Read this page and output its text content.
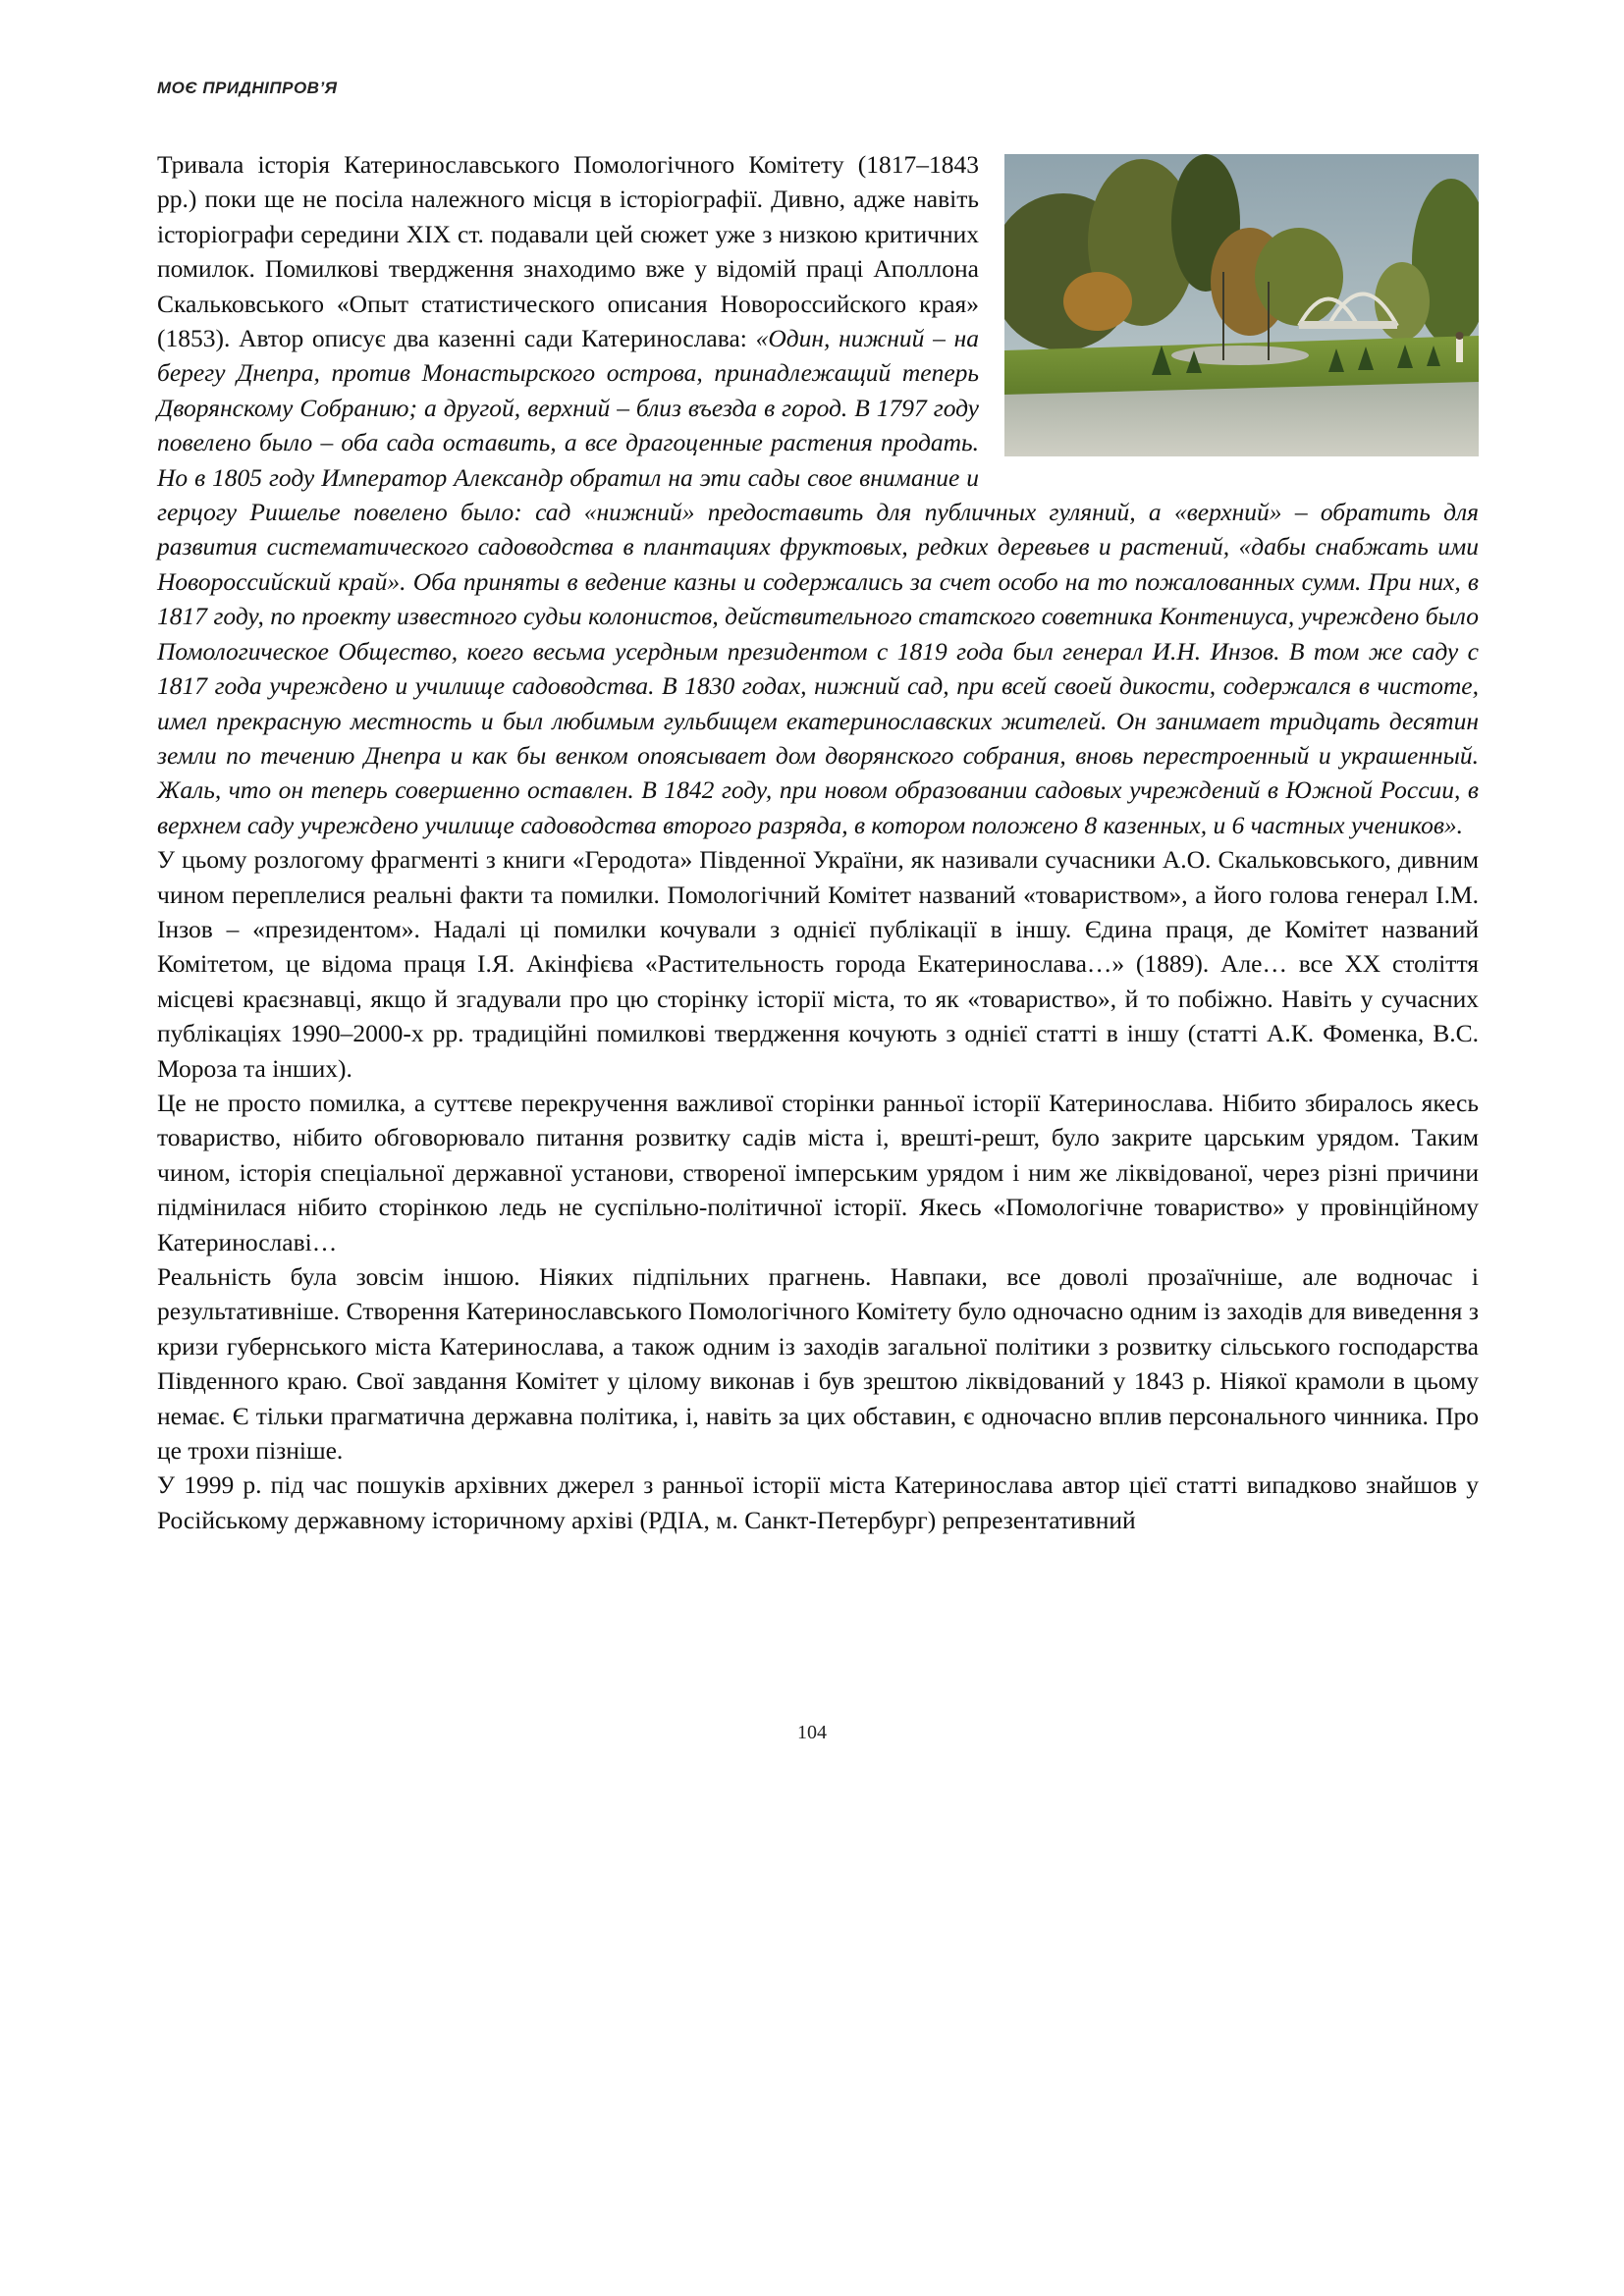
МОЄ ПРИДНІПРОВ’Я

Тривала історія Катеринославського Помологічного Комітету (1817–1843 рр.) поки ще не посіла належного місця в історіографії. Дивно, адже навіть історіографи середини ХІХ ст. подавали цей сюжет уже з низкою критичних помилок. Помилкові твердження знаходимо вже у відомій праці Аполлона Скальковського «Опыт статистического описания Новороссийского края» (1853). Автор описує два казенні сади Катеринослава: «Один, нижний – на берегу Днепра, против Монастырского острова, принадлежащий теперь Дворянскому Собранию; а другой, верхний – близ въезда в город. В 1797 году повелено было – оба сада оставить, а все драгоценные растения продать. Но в 1805 году Император Александр обратил на эти сады свое внимание и герцогу Ришелье повелено было: сад «нижний» предоставить для публичных гуляний, а «верхний» – обратить для развития систематического садоводства в плантациях фруктовых, редких деревьев и растений, «дабы снабжать ими Новороссийский край». Оба приняты в ведение казны и содержались за счет особо на то пожалованных сумм. При них, в 1817 году, по проекту известного судьи колонистов, действительного статского советника Контениуса, учреждено было Помологическое Общество, коего весьма усердным президентом с 1819 года был генерал И.Н. Инзов. В том же саду с 1817 года учреждено и училище садоводства. В 1830 годах, нижний сад, при всей своей дикости, содержался в чистоте, имел прекрасную местность и был любимым гульбищем екатеринославских жителей. Он занимает тридцать десятин земли по течению Днепра и как бы венком опоясывает дом дворянского собрания, вновь перестроенный и украшенный. Жаль, что он теперь совершенно оставлен. В 1842 году, при новом образовании садовых учреждений в Южной России, в верхнем саду учреждено училище садоводства второго разряда, в котором положено 8 казенных, и 6 частных учеников».

У цьому розлогому фрагменті з книги «Геродота» Південної України, як називали сучасники А.О. Скальковського, дивним чином переплелися реальні факти та помилки. Помологічний Комітет названий «товариством», а його голова генерал І.М. Інзов – «президентом». Надалі ці помилки кочували з однієї публікації в іншу. Єдина праця, де Комітет названий Комітетом, це відома праця І.Я. Акінфієва «Растительность города Екатеринослава…» (1889). Але… все ХХ століття місцеві краєзнавці, якщо й згадували про цю сторінку історії міста, то як «товариство», й то побіжно. Навіть у сучасних публікаціях 1990–2000-х рр. традиційні помилкові твердження кочують з однієї статті в іншу (статті А.К. Фоменка, В.С. Мороза та інших).

Це не просто помилка, а суттєве перекручення важливої сторінки ранньої історії Катеринослава. Нібито збиралось якесь товариство, нібито обговорювало питання розвитку садів міста і, врешті-решт, було закрите царським урядом. Таким чином, історія спеціальної державної установи, створеної імперським урядом і ним же ліквідованої, через різні причини підмінилася нібито сторінкою ледь не суспільно-політичної історії. Якесь «Помологічне товариство» у провінційному Катеринославі…

Реальність була зовсім іншою. Ніяких підпільних прагнень. Навпаки, все доволі прозаїчніше, але водночас і результативніше. Створення Катеринославського Помологічного Комітету було одночасно одним із заходів для виведення з кризи губернського міста Катеринослава, а також одним із заходів загальної політики з розвитку сільського господарства Південного краю. Свої завдання Комітет у цілому виконав і був зрештою ліквідований у 1843 р. Ніякої крамоли в цьому немає. Є тільки прагматична державна політика, і, навіть за цих обставин, є одночасно вплив персонального чинника. Про це трохи пізніше.

У 1999 р. під час пошуків архівних джерел з ранньої історії міста Катеринослава автор цієї статті випадково знайшов у Російському державному історичному архіві (РДІА, м. Санкт-Петербург) репрезентативний

104
